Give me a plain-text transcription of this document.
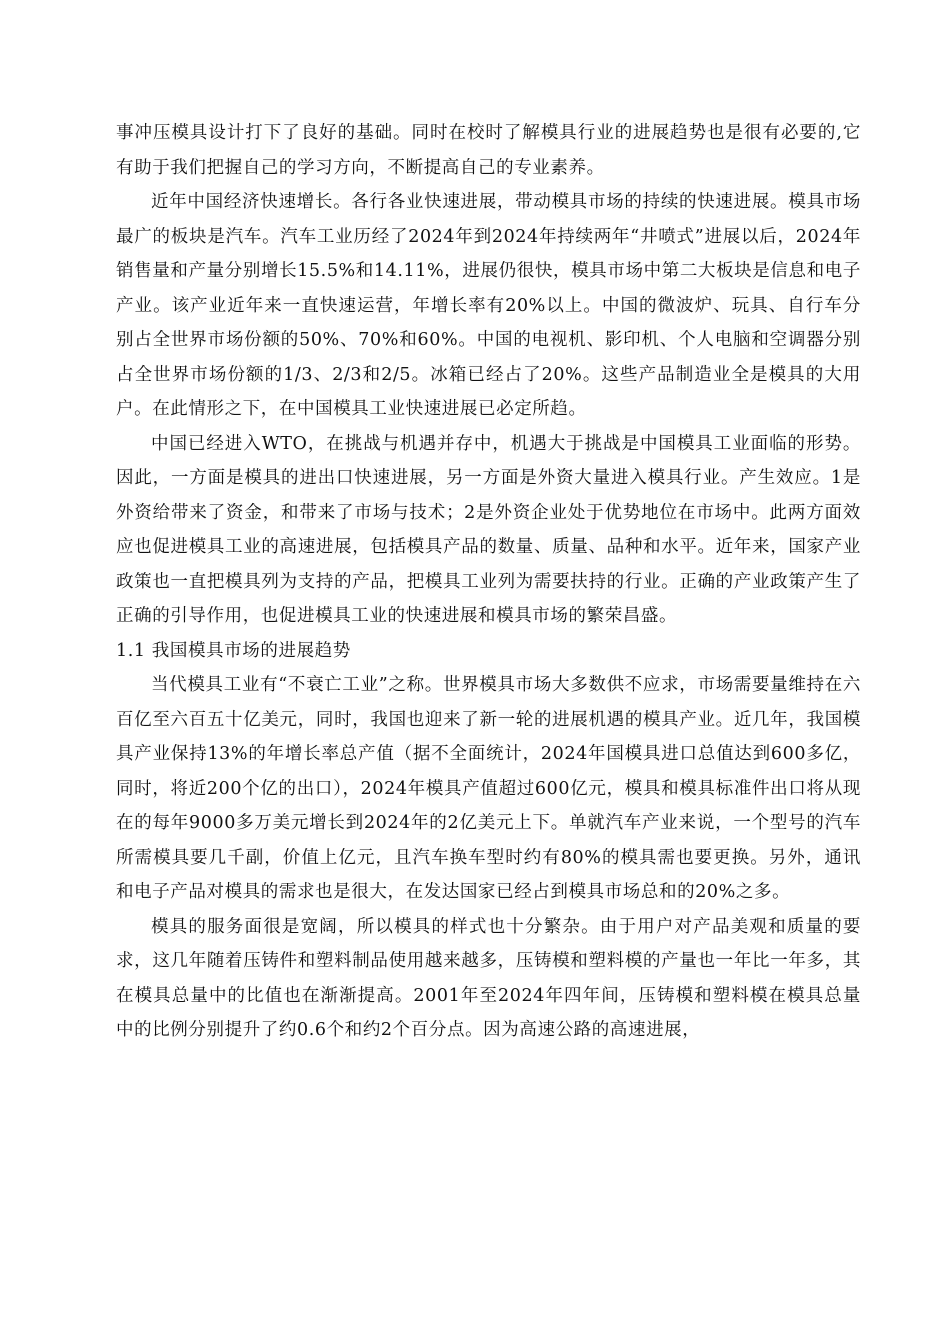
事冲压模具设计打下了良好的基础。同时在校时了解模具行业的进展趋势也是很有必要的,它有助于我们把握自己的学习方向，不断提高自己的专业素养。

近年中国经济快速增长。各行各业快速进展，带动模具市场的持续的快速进展。模具市场最广的板块是汽车。汽车工业历经了2024年到2024年持续两年“井喷式”进展以后，2024年销售量和产量分别增长15.5%和14.11%，进展仍很快，模具市场中第二大板块是信息和电子产业。该产业近年来一直快速运营，年增长率有20%以上。中国的微波炉、玩具、自行车分别占全世界市场份额的50%、70%和60%。中国的电视机、影印机、个人电脑和空调器分别占全世界市场份额的1/3、2/3和2/5。冰箱已经占了20%。这些产品制造业全是模具的大用户。在此情形之下，在中国模具工业快速进展已必定所趋。

中国已经进入WTO，在挑战与机遇并存中，机遇大于挑战是中国模具工业面临的形势。因此，一方面是模具的进出口快速进展，另一方面是外资大量进入模具行业。产生效应。1是外资给带来了资金，和带来了市场与技术；2是外资企业处于优势地位在市场中。此两方面效应也促进模具工业的高速进展，包括模具产品的数量、质量、品种和水平。近年来，国家产业政策也一直把模具列为支持的产品，把模具工业列为需要扶持的行业。正确的产业政策产生了正确的引导作用，也促进模具工业的快速进展和模具市场的繁荣昌盛。

1.1 我国模具市场的进展趋势

当代模具工业有“不衰亡工业”之称。世界模具市场大多数供不应求，市场需要量维持在六百亿至六百五十亿美元，同时，我国也迎来了新一轮的进展机遇的模具产业。近几年，我国模具产业保持13%的年增长率总产值（据不全面统计，2024年国模具进口总值达到600多亿，同时，将近200个亿的出口），2024年模具产值超过600亿元，模具和模具标准件出口将从现在的每年9000多万美元增长到2024年的2亿美元上下。单就汽车产业来说，一个型号的汽车所需模具要几千副，价值上亿元，且汽车换车型时约有80%的模具需也要更换。另外，通讯和电子产品对模具的需求也是很大，在发达国家已经占到模具市场总和的20%之多。

模具的服务面很是宽阔，所以模具的样式也十分繁杂。由于用户对产品美观和质量的要求，这几年随着压铸件和塑料制品使用越来越多，压铸模和塑料模的产量也一年比一年多，其在模具总量中的比值也在渐渐提高。2001年至2024年四年间，压铸模和塑料模在模具总量中的比例分别提升了约0.6个和约2个百分点。因为高速公路的高速进展，
